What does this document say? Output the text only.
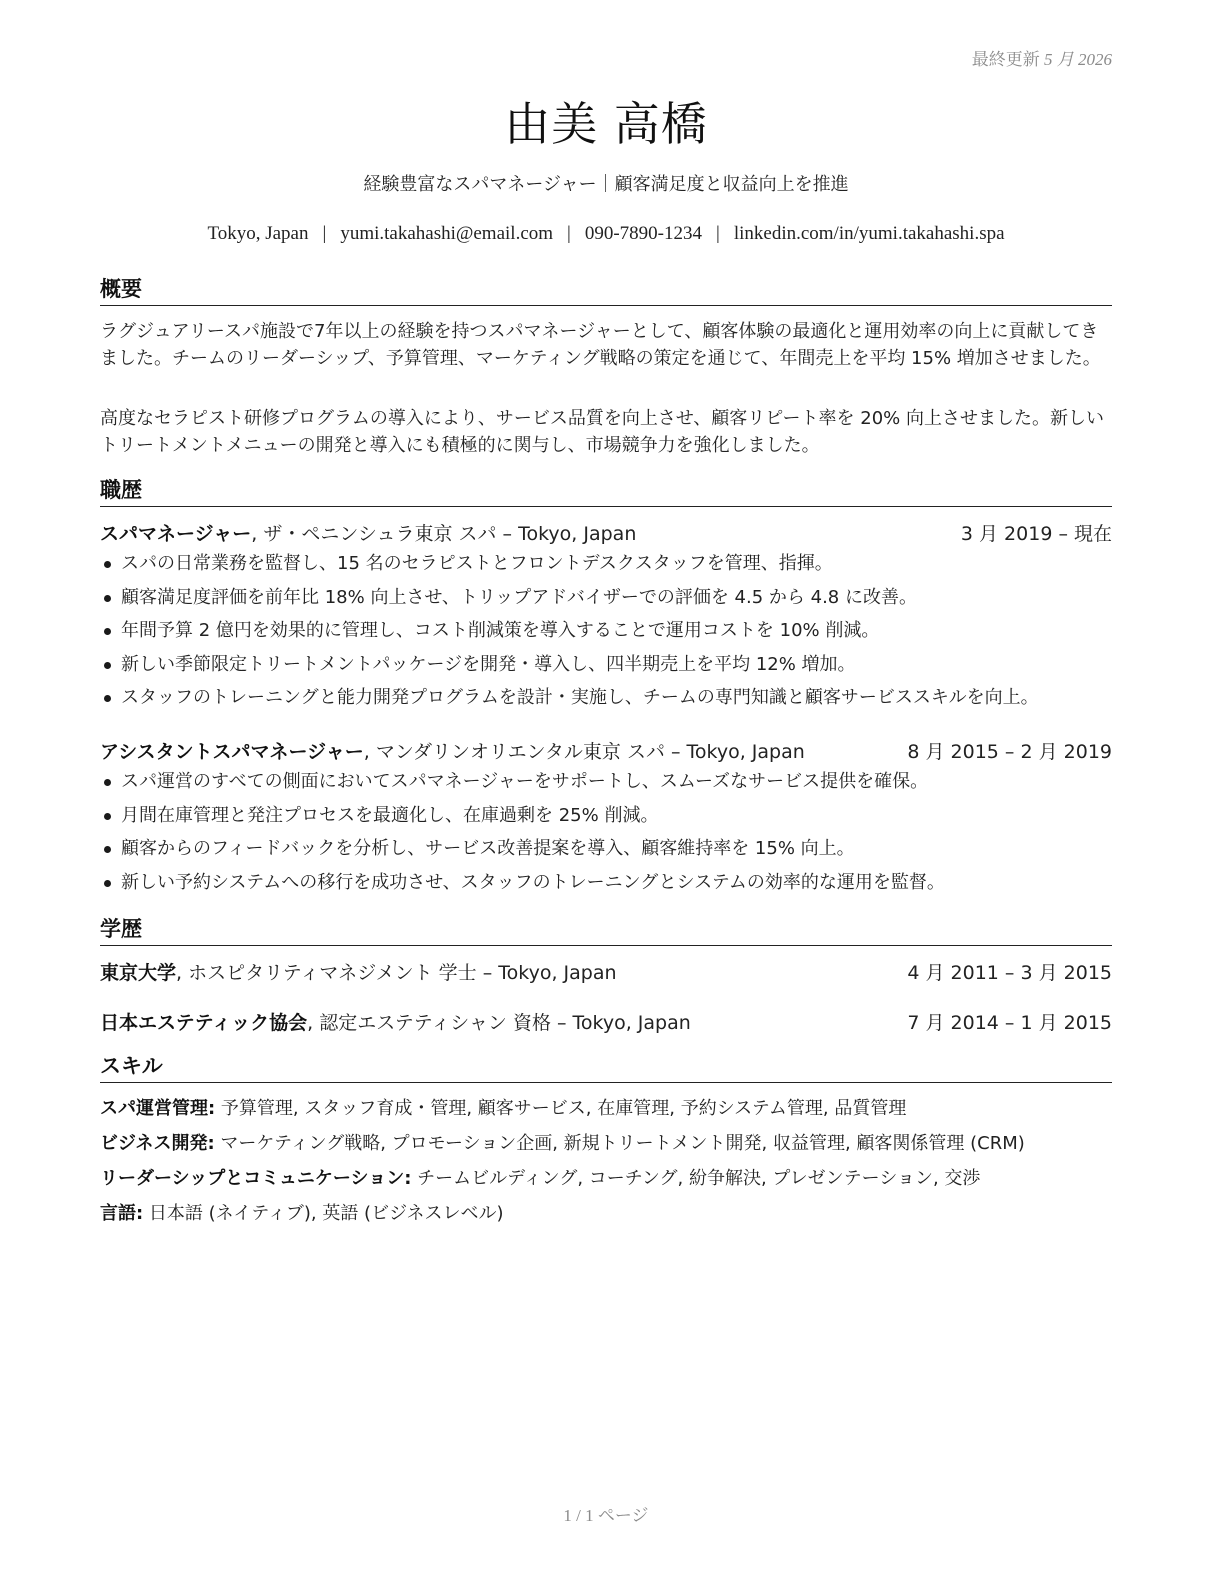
最終更新 5 月 2026
由美 高橋
経験豊富なスパマネージャー｜顧客満足度と収益向上を推進
Tokyo, Japan | yumi.takahashi@email.com | 090-7890-1234 | linkedin.com/in/yumi.takahashi.spa
概要
ラグジュアリースパ施設で7年以上の経験を持つスパマネージャーとして、顧客体験の最適化と運用効率の向上に貢献してきました。チームのリーダーシップ、予算管理、マーケティング戦略の策定を通じて、年間売上を平均 15% 増加させました。
高度なセラピスト研修プログラムの導入により、サービス品質を向上させ、顧客リピート率を 20% 向上させました。新しいトリートメントメニューの開発と導入にも積極的に関与し、市場競争力を強化しました。
職歴
スパマネージャー, ザ・ペニンシュラ東京 スパ – Tokyo, Japan	3 月 2019 – 現在
スパの日常業務を監督し、15 名のセラピストとフロントデスクスタッフを管理、指揮。
顧客満足度評価を前年比 18% 向上させ、トリップアドバイザーでの評価を 4.5 から 4.8 に改善。
年間予算 2 億円を効果的に管理し、コスト削減策を導入することで運用コストを 10% 削減。
新しい季節限定トリートメントパッケージを開発・導入し、四半期売上を平均 12% 増加。
スタッフのトレーニングと能力開発プログラムを設計・実施し、チームの専門知識と顧客サービススキルを向上。
アシスタントスパマネージャー, マンダリンオリエンタル東京 スパ – Tokyo, Japan	8 月 2015 – 2 月 2019
スパ運営のすべての側面においてスパマネージャーをサポートし、スムーズなサービス提供を確保。
月間在庫管理と発注プロセスを最適化し、在庫過剰を 25% 削減。
顧客からのフィードバックを分析し、サービス改善提案を導入、顧客維持率を 15% 向上。
新しい予約システムへの移行を成功させ、スタッフのトレーニングとシステムの効率的な運用を監督。
学歴
東京大学, ホスピタリティマネジメント 学士 – Tokyo, Japan	4 月 2011 – 3 月 2015
日本エステティック協会, 認定エステティシャン 資格 – Tokyo, Japan	7 月 2014 – 1 月 2015
スキル
スパ運営管理: 予算管理, スタッフ育成・管理, 顧客サービス, 在庫管理, 予約システム管理, 品質管理
ビジネス開発: マーケティング戦略, プロモーション企画, 新規トリートメント開発, 収益管理, 顧客関係管理 (CRM)
リーダーシップとコミュニケーション: チームビルディング, コーチング, 紛争解決, プレゼンテーション, 交渉
言語: 日本語 (ネイティブ), 英語 (ビジネスレベル)
1 / 1 ページ
